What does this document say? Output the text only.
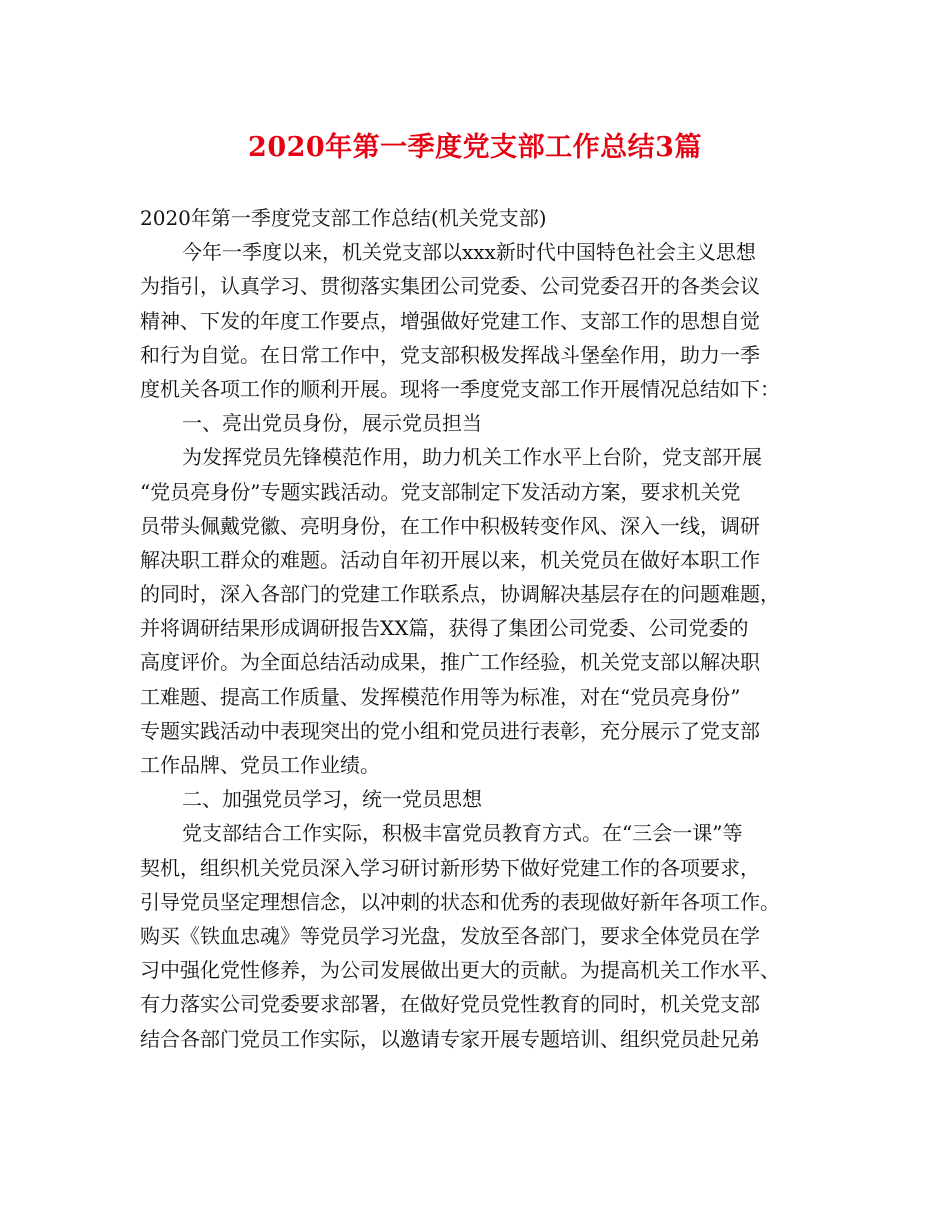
2020年第一季度党支部工作总结3篇
2020年第一季度党支部工作总结(机关党支部)
今年一季度以来，机关党支部以xxx新时代中国特色社会主义思想
为指引，认真学习、贯彻落实集团公司党委、公司党委召开的各类会议
精神、下发的年度工作要点，增强做好党建工作、支部工作的思想自觉
和行为自觉。在日常工作中，党支部积极发挥战斗堡垒作用，助力一季
度机关各项工作的顺利开展。现将一季度党支部工作开展情况总结如下：
一、亮出党员身份，展示党员担当
为发挥党员先锋模范作用，助力机关工作水平上台阶，党支部开展
“党员亮身份”专题实践活动。党支部制定下发活动方案，要求机关党
员带头佩戴党徽、亮明身份，在工作中积极转变作风、深入一线，调研
解决职工群众的难题。活动自年初开展以来，机关党员在做好本职工作
的同时，深入各部门的党建工作联系点，协调解决基层存在的问题难题，
并将调研结果形成调研报告XX篇，获得了集团公司党委、公司党委的
高度评价。为全面总结活动成果，推广工作经验，机关党支部以解决职
工难题、提高工作质量、发挥模范作用等为标准，对在“党员亮身份”
专题实践活动中表现突出的党小组和党员进行表彰，充分展示了党支部
工作品牌、党员工作业绩。
二、加强党员学习，统一党员思想
党支部结合工作实际，积极丰富党员教育方式。在“三会一课”等
契机，组织机关党员深入学习研讨新形势下做好党建工作的各项要求，
引导党员坚定理想信念，以冲刺的状态和优秀的表现做好新年各项工作。
购买《铁血忠魂》等党员学习光盘，发放至各部门，要求全体党员在学
习中强化党性修养，为公司发展做出更大的贡献。为提高机关工作水平、
有力落实公司党委要求部署，在做好党员党性教育的同时，机关党支部
结合各部门党员工作实际，以邀请专家开展专题培训、组织党员赴兄弟
